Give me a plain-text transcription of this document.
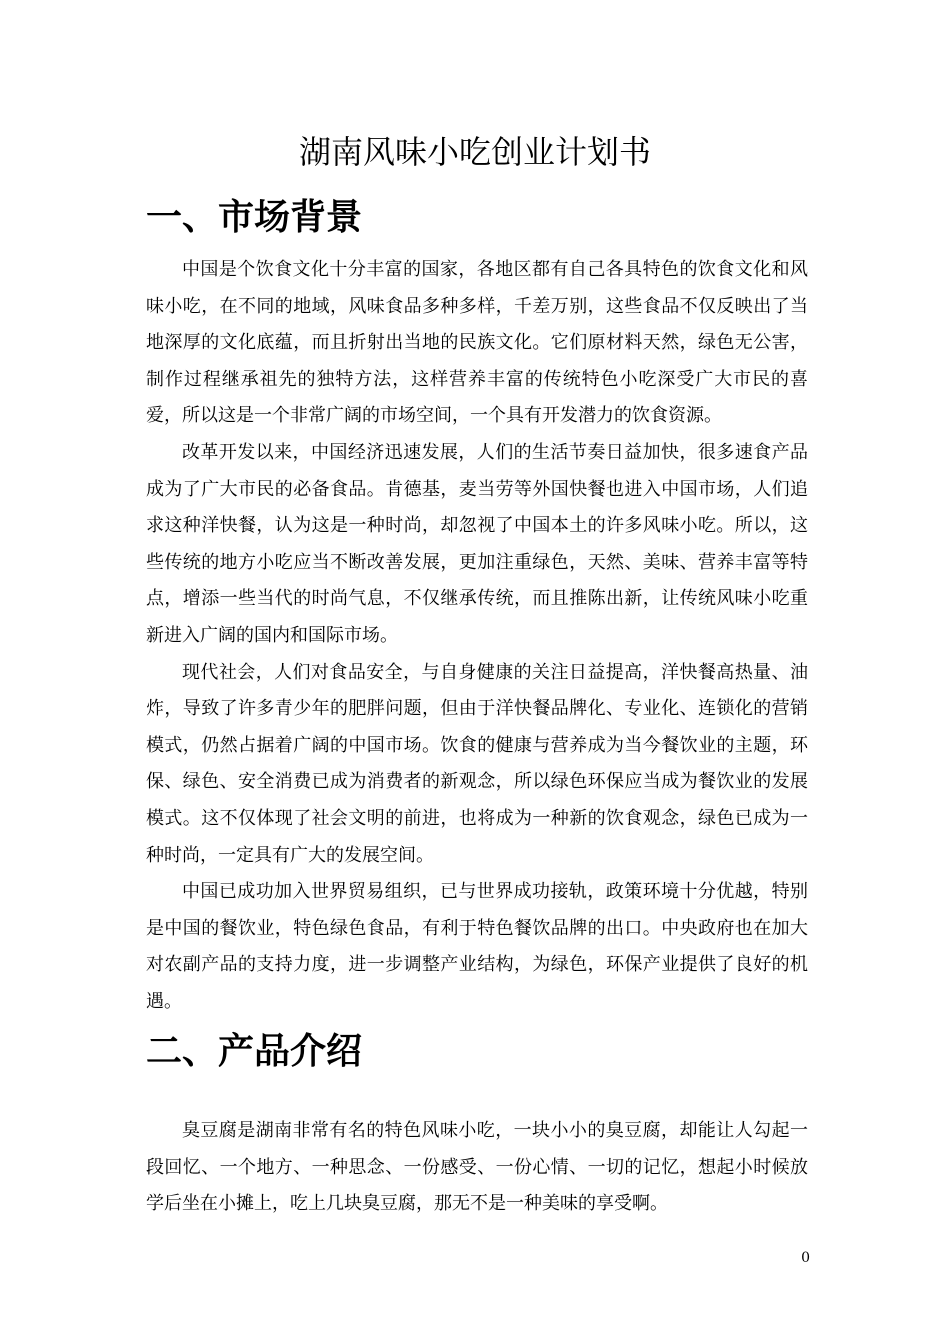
湖南风味小吃创业计划书
一、市场背景

中国是个饮食文化十分丰富的国家，各地区都有自己各具特色的饮食文化和风味小吃，在不同的地域，风味食品多种多样，千差万别，这些食品不仅反映出了当地深厚的文化底蕴，而且折射出当地的民族文化。它们原材料天然，绿色无公害，制作过程继承祖先的独特方法，这样营养丰富的传统特色小吃深受广大市民的喜爱，所以这是一个非常广阔的市场空间，一个具有开发潜力的饮食资源。

改革开发以来，中国经济迅速发展，人们的生活节奏日益加快，很多速食产品成为了广大市民的必备食品。肯德基，麦当劳等外国快餐也进入中国市场，人们追求这种洋快餐，认为这是一种时尚，却忽视了中国本土的许多风味小吃。所以，这些传统的地方小吃应当不断改善发展，更加注重绿色，天然、美味、营养丰富等特点，增添一些当代的时尚气息，不仅继承传统，而且推陈出新，让传统风味小吃重新进入广阔的国内和国际市场。

现代社会，人们对食品安全，与自身健康的关注日益提高，洋快餐高热量、油炸，导致了许多青少年的肥胖问题，但由于洋快餐品牌化、专业化、连锁化的营销模式，仍然占据着广阔的中国市场。饮食的健康与营养成为当今餐饮业的主题，环保、绿色、安全消费已成为消费者的新观念，所以绿色环保应当成为餐饮业的发展模式。这不仅体现了社会文明的前进，也将成为一种新的饮食观念，绿色已成为一种时尚，一定具有广大的发展空间。

中国已成功加入世界贸易组织，已与世界成功接轨，政策环境十分优越，特别是中国的餐饮业，特色绿色食品，有利于特色餐饮品牌的出口。中央政府也在加大对农副产品的支持力度，进一步调整产业结构，为绿色，环保产业提供了良好的机遇。

二、产品介绍

臭豆腐是湖南非常有名的特色风味小吃，一块小小的臭豆腐，却能让人勾起一段回忆、一个地方、一种思念、一份感受、一份心情、一切的记忆，想起小时候放学后坐在小摊上，吃上几块臭豆腐，那无不是一种美味的享受啊。

0
